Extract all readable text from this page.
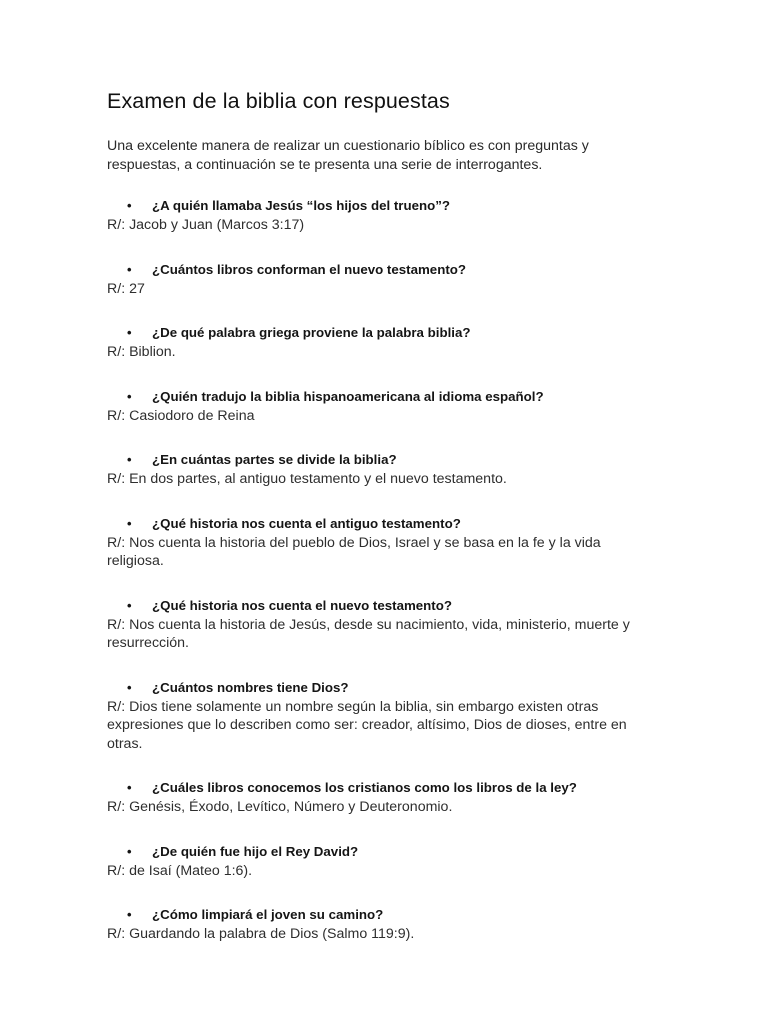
Examen de la biblia con respuestas

Una excelente manera de realizar un cuestionario bíblico es con preguntas y respuestas, a continuación se te presenta una serie de interrogantes.

• ¿A quién llamaba Jesús “los hijos del trueno”?

R/: Jacob y Juan (Marcos 3:17)

• ¿Cuántos libros conforman el nuevo testamento?

R/: 27

• ¿De qué palabra griega proviene la palabra biblia?

R/: Biblion.

• ¿Quién tradujo la biblia hispanoamericana al idioma español?

R/: Casiodoro de Reina

• ¿En cuántas partes se divide la biblia?

R/: En dos partes, al antiguo testamento y el nuevo testamento.

• ¿Qué historia nos cuenta el antiguo testamento?

R/: Nos cuenta la historia del pueblo de Dios, Israel y se basa en la fe y la vida religiosa.

• ¿Qué historia nos cuenta el nuevo testamento?

R/: Nos cuenta la historia de Jesús, desde su nacimiento, vida, ministerio, muerte y resurrección.

• ¿Cuántos nombres tiene Dios?

R/: Dios tiene solamente un nombre según la biblia, sin embargo existen otras expresiones que lo describen como ser: creador, altísimo, Dios de dioses, entre en otras.

• ¿Cuáles libros conocemos los cristianos como los libros de la ley?

R/: Genésis, Éxodo, Levítico, Número y Deuteronomio.

• ¿De quién fue hijo el Rey David?

R/: de Isaí (Mateo 1:6).

• ¿Cómo limpiará el joven su camino?

R/: Guardando la palabra de Dios (Salmo 119:9).
